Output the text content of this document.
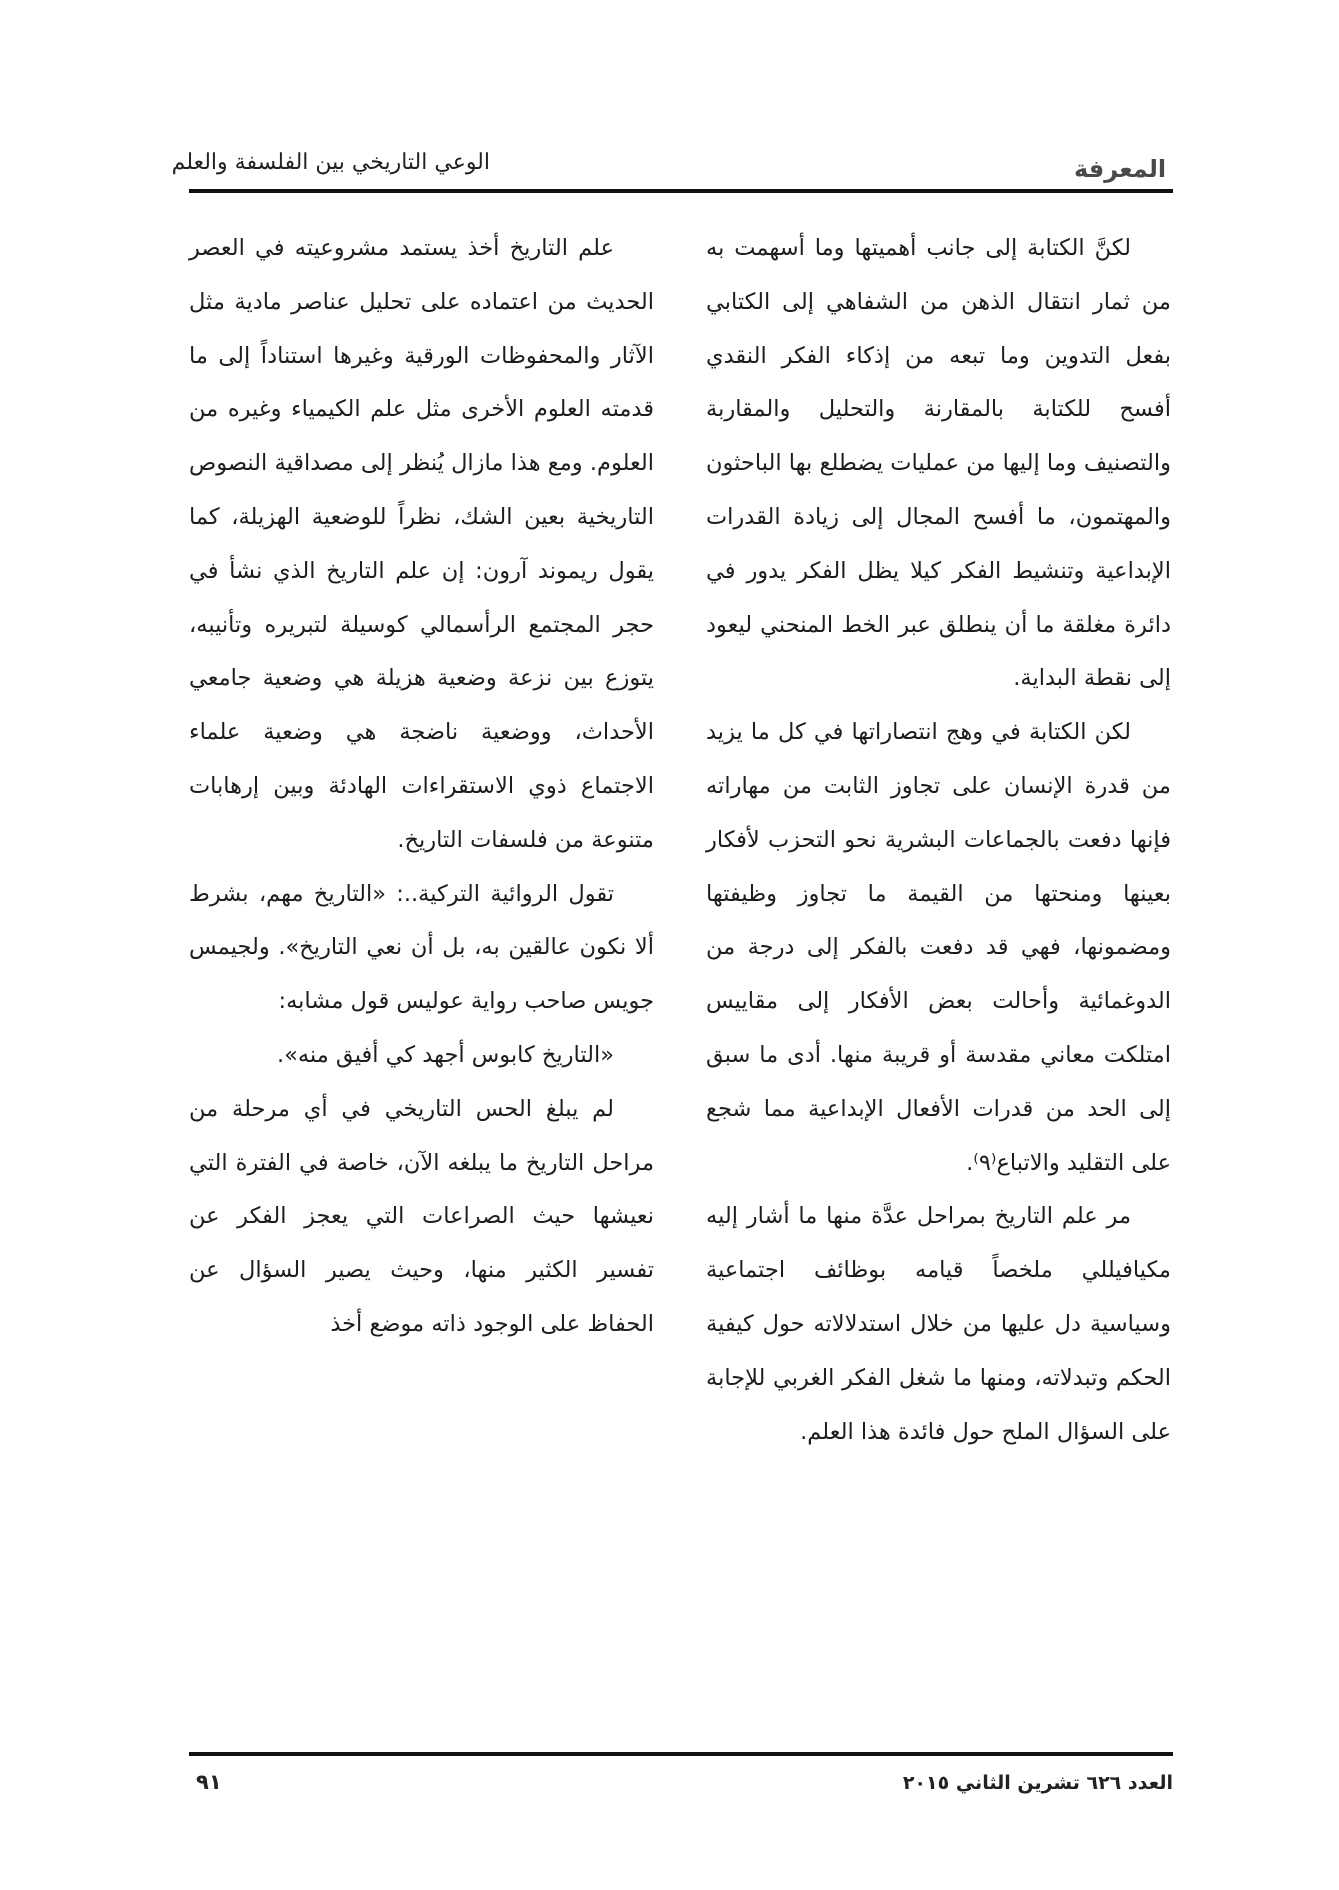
المعرفة
الوعي التاريخي بين الفلسفة والعلم

لكنَّ الكتابة إلى جانب أهميتها وما أسهمت به من ثمار انتقال الذهن من الشفاهي إلى الكتابي بفعل التدوين وما تبعه من إذكاء الفكر النقدي أفسح للكتابة بالمقارنة والتحليل والمقاربة والتصنيف وما إليها من عمليات يضطلع بها الباحثون والمهتمون، ما أفسح المجال إلى زيادة القدرات الإبداعية وتنشيط الفكر كيلا يظل الفكر يدور في دائرة مغلقة ما أن ينطلق عبر الخط المنحني ليعود إلى نقطة البداية.

لكن الكتابة في وهج انتصاراتها في كل ما يزيد من قدرة الإنسان على تجاوز الثابت من مهاراته فإنها دفعت بالجماعات البشرية نحو التحزب لأفكار بعينها ومنحتها من القيمة ما تجاوز وظيفتها ومضمونها، فهي قد دفعت بالفكر إلى درجة من الدوغمائية وأحالت بعض الأفكار إلى مقاييس امتلكت معاني مقدسة أو قريبة منها. أدى ما سبق إلى الحد من قدرات الأفعال الإبداعية مما شجع على التقليد والاتباع⁽٩⁾.

مر علم التاريخ بمراحل عدَّة منها ما أشار إليه مكيافيللي ملخصاً قيامه بوظائف اجتماعية وسياسية دل عليها من خلال استدلالاته حول كيفية الحكم وتبدلاته، ومنها ما شغل الفكر الغربي للإجابة على السؤال الملح حول فائدة هذا العلم.

علم التاريخ أخذ يستمد مشروعيته في العصر الحديث من اعتماده على تحليل عناصر مادية مثل الآثار والمحفوظات الورقية وغيرها استناداً إلى ما قدمته العلوم الأخرى مثل علم الكيمياء وغيره من العلوم. ومع هذا مازال يُنظر إلى مصداقية النصوص التاريخية بعين الشك، نظراً للوضعية الهزيلة، كما يقول ريموند آرون: إن علم التاريخ الذي نشأ في حجر المجتمع الرأسمالي كوسيلة لتبريره وتأنيبه، يتوزع بين نزعة وضعية هزيلة هي وضعية جامعي الأحداث، ووضعية ناضجة هي وضعية علماء الاجتماع ذوي الاستقراءات الهادئة وبين إرهابات متنوعة من فلسفات التاريخ.

تقول الروائية التركية..: «التاريخ مهم، بشرط ألا نكون عالقين به، بل أن نعي التاريخ». ولجيمس جويس صاحب رواية عوليس قول مشابه:

«التاريخ كابوس أجهد كي أفيق منه».

لم يبلغ الحس التاريخي في أي مرحلة من مراحل التاريخ ما يبلغه الآن، خاصة في الفترة التي نعيشها حيث الصراعات التي يعجز الفكر عن تفسير الكثير منها، وحيث يصير السؤال عن الحفاظ على الوجود ذاته موضع أخذ

العدد ٦٢٦ تشرين الثاني ٢٠١٥
٩١
